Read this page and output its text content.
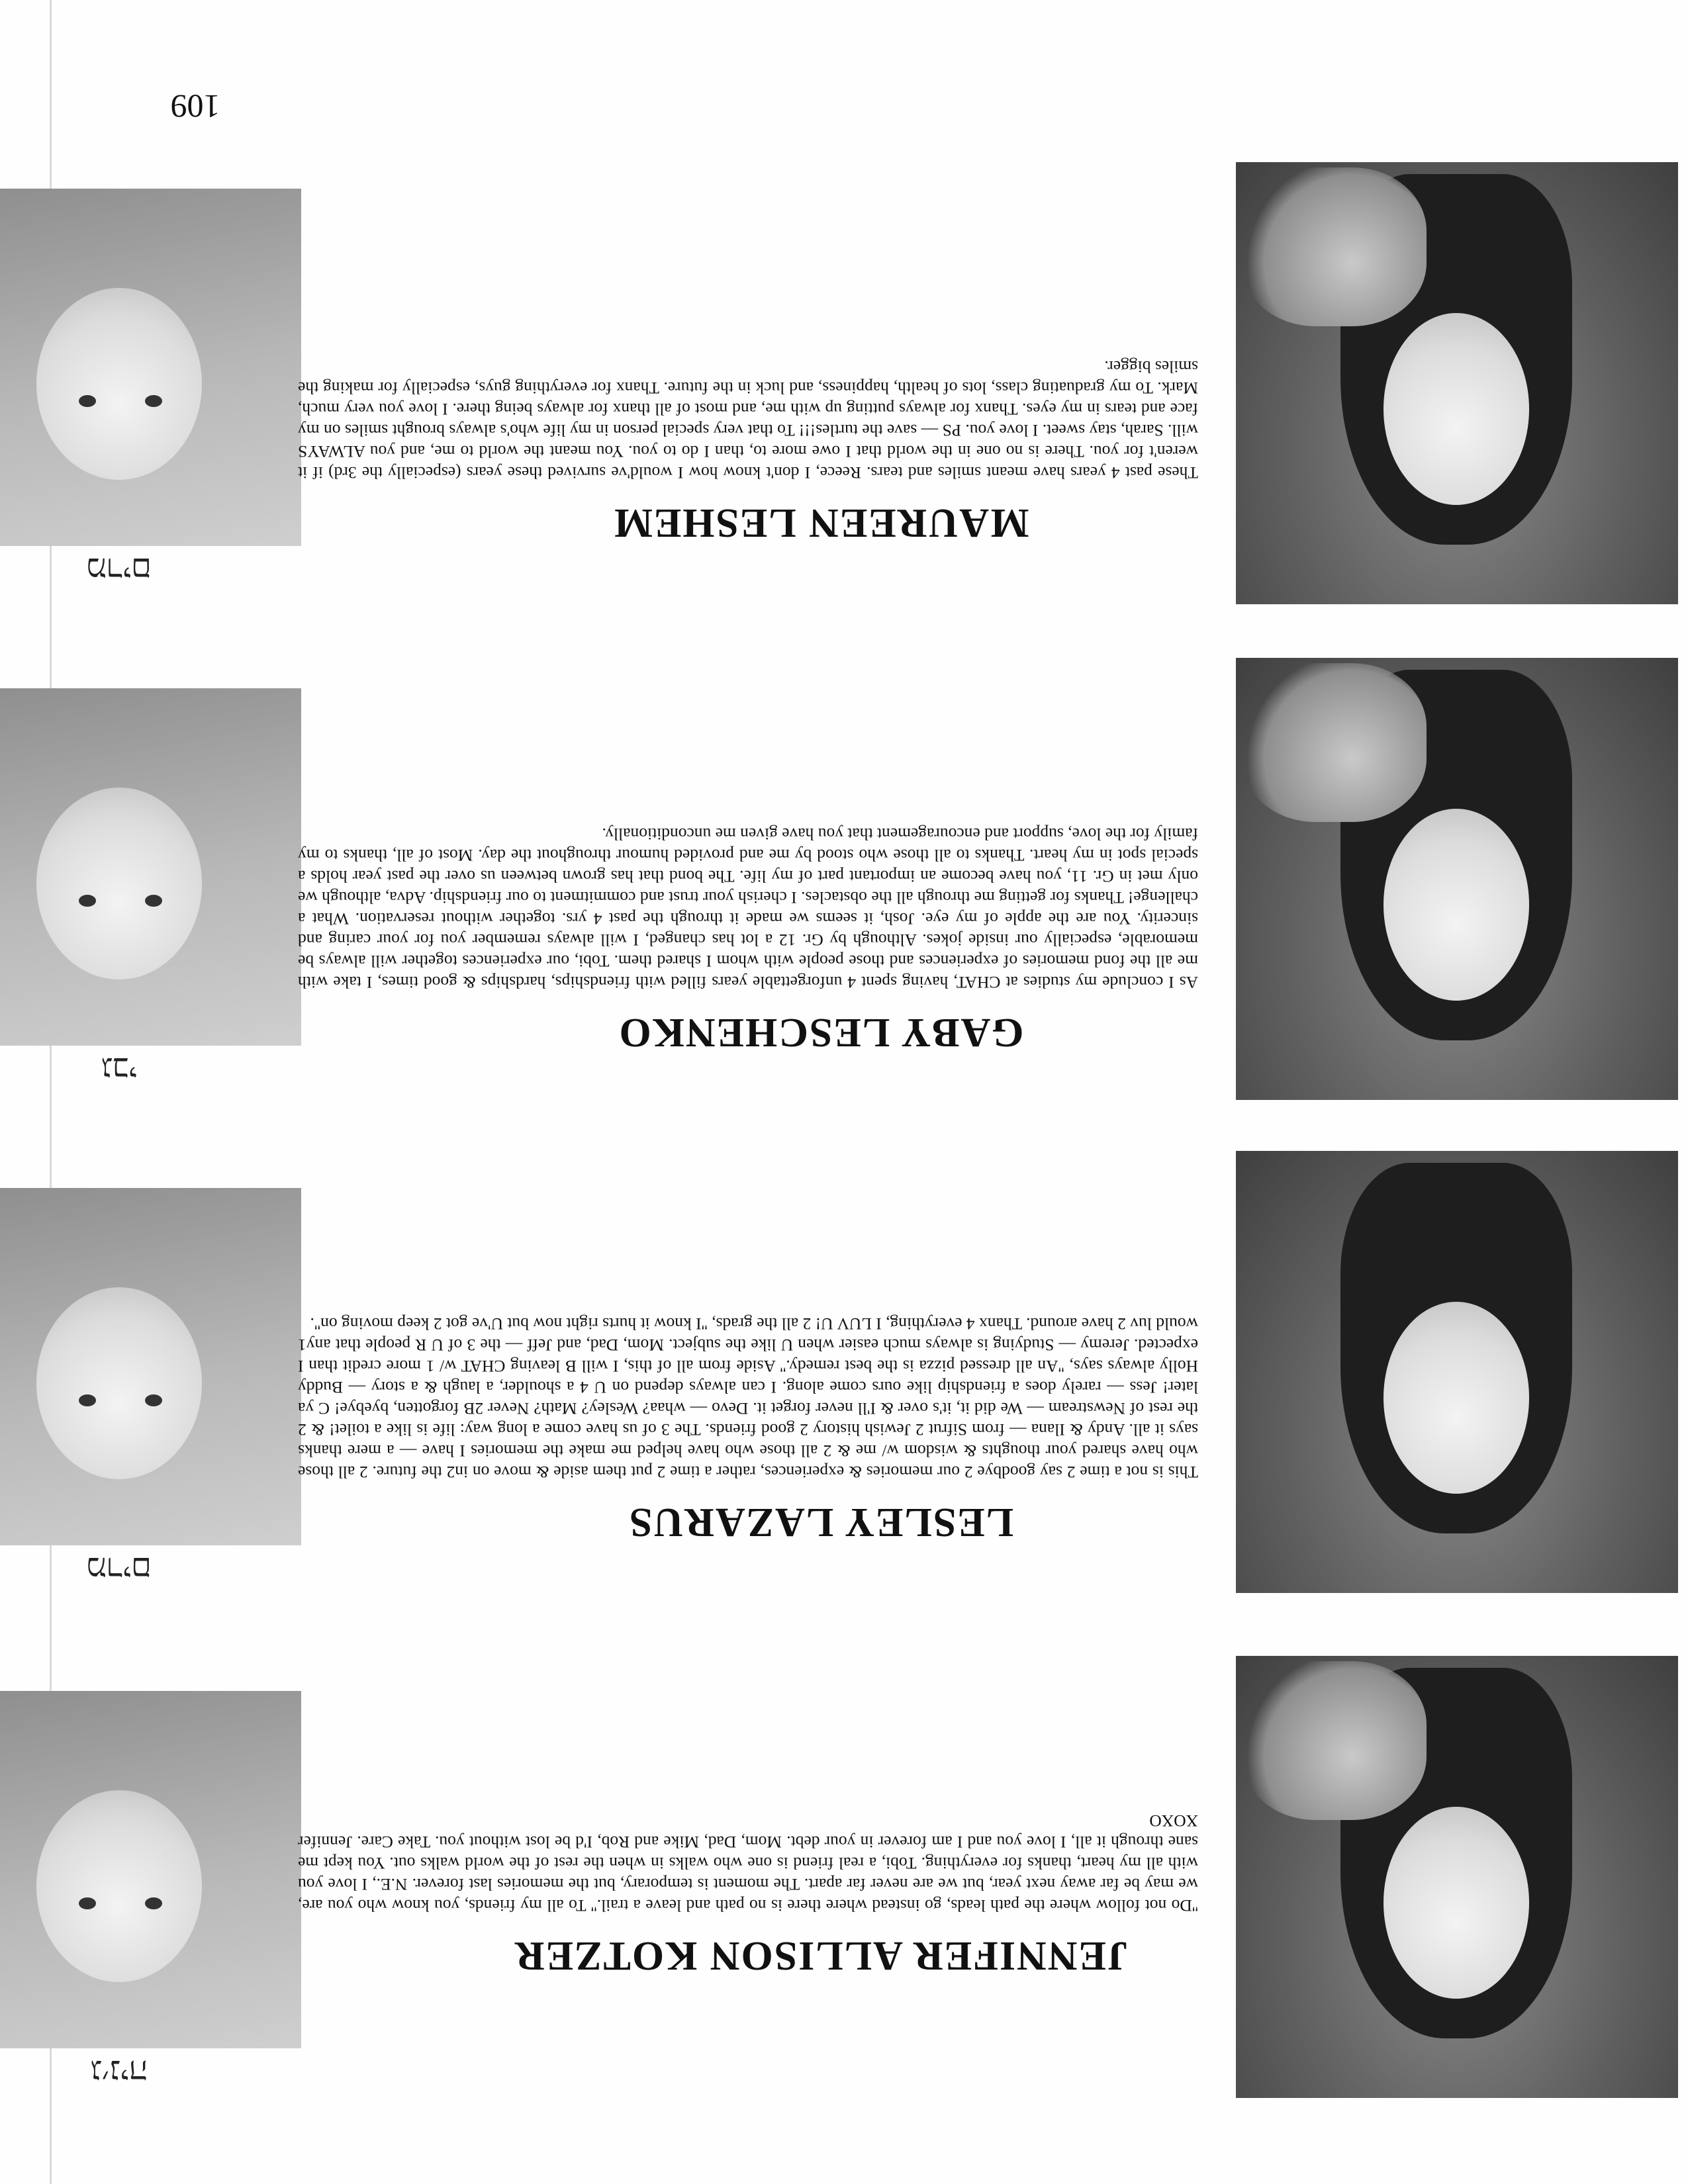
109
ג׳ניה
JENNIFER ALLISON KOTZER
''Do not follow where the path leads, go instead where there is no path and leave a trail.'' To all my friends, you know who you are, we may be far away next year, but we are never far apart. The moment is temporary, but the memories last forever. N.E., I love you with all my heart, thanks for everything. Tobi, a real friend is one who walks in when the rest of the world walks out. You kept me sane through it all, I love you and I am forever in your debt. Mom, Dad, Mike and Rob, I'd be lost without you. Take Care. Jennifer XOXO
מרים
LESLEY LAZARUS
This is not a time 2 say goodbye 2 our memories & experiences, rather a time 2 put them aside & move on in2 the future. 2 all those who have shared your thoughts & wisdom w/ me & 2 all those who have helped me make the memories I have — a mere thanks says it all. Andy & Ilana — from Sifrut 2 Jewish history 2 good friends. The 3 of us have come a long way: life is like a toilet! & 2 the rest of Newstream — We did it, it's over & I'll never forget it. Devo — whaa? Wesley? Math? Never 2B forgotten, byebye! C ya later! Jess — rarely does a friendship like ours come along. I can always depend on U 4 a shoulder, a laugh & a story — Buddy Holly always says, ''An all dressed pizza is the best remedy.'' Aside from all of this, I will B leaving CHAT w/ 1 more credit than I expected. Jeremy — Studying is always much easier when U like the subject. Mom, Dad, and Jeff — the 3 of U R people that any1 would luv 2 have around. Thanx 4 everything, I LUV U! 2 all the grads, ''I know it hurts right now but U've got 2 keep moving on''.
גבי
GABY LESCHENKO
As I conclude my studies at CHAT, having spent 4 unforgettable years filled with friendships, hardships & good times, I take with me all the fond memories of experiences and those people with whom I shared them. Tobi, our experiences together will always be memorable, especially our inside jokes. Although by Gr. 12 a lot has changed, I will always remember you for your caring and sincerity. You are the apple of my eye. Josh, it seems we made it through the past 4 yrs. together without reservation. What a challenge! Thanks for getting me through all the obstacles. I cherish your trust and commitment to our friendship. Adva, although we only met in Gr. 11, you have become an important part of my life. The bond that has grown between us over the past year holds a special spot in my heart. Thanks to all those who stood by me and provided humour throughout the day. Most of all, thanks to my family for the love, support and encouragement that you have given me unconditionally.
מרים
MAUREEN LESHEM
These past 4 years have meant smiles and tears. Reece, I don't know how I would've survived these years (especially the 3rd) if it weren't for you. There is no one in the world that I owe more to, than I do to you. You meant the world to me, and you ALWAYS will. Sarah, stay sweet. I love you. PS — save the turtles!!! To that very special person in my life who's always brought smiles on my face and tears in my eyes. Thanx for always putting up with me, and most of all thanx for always being there. I love you very much, Mark. To my graduating class, lots of health, happiness, and luck in the future. Thanx for everything guys, especially for making the smiles bigger.
